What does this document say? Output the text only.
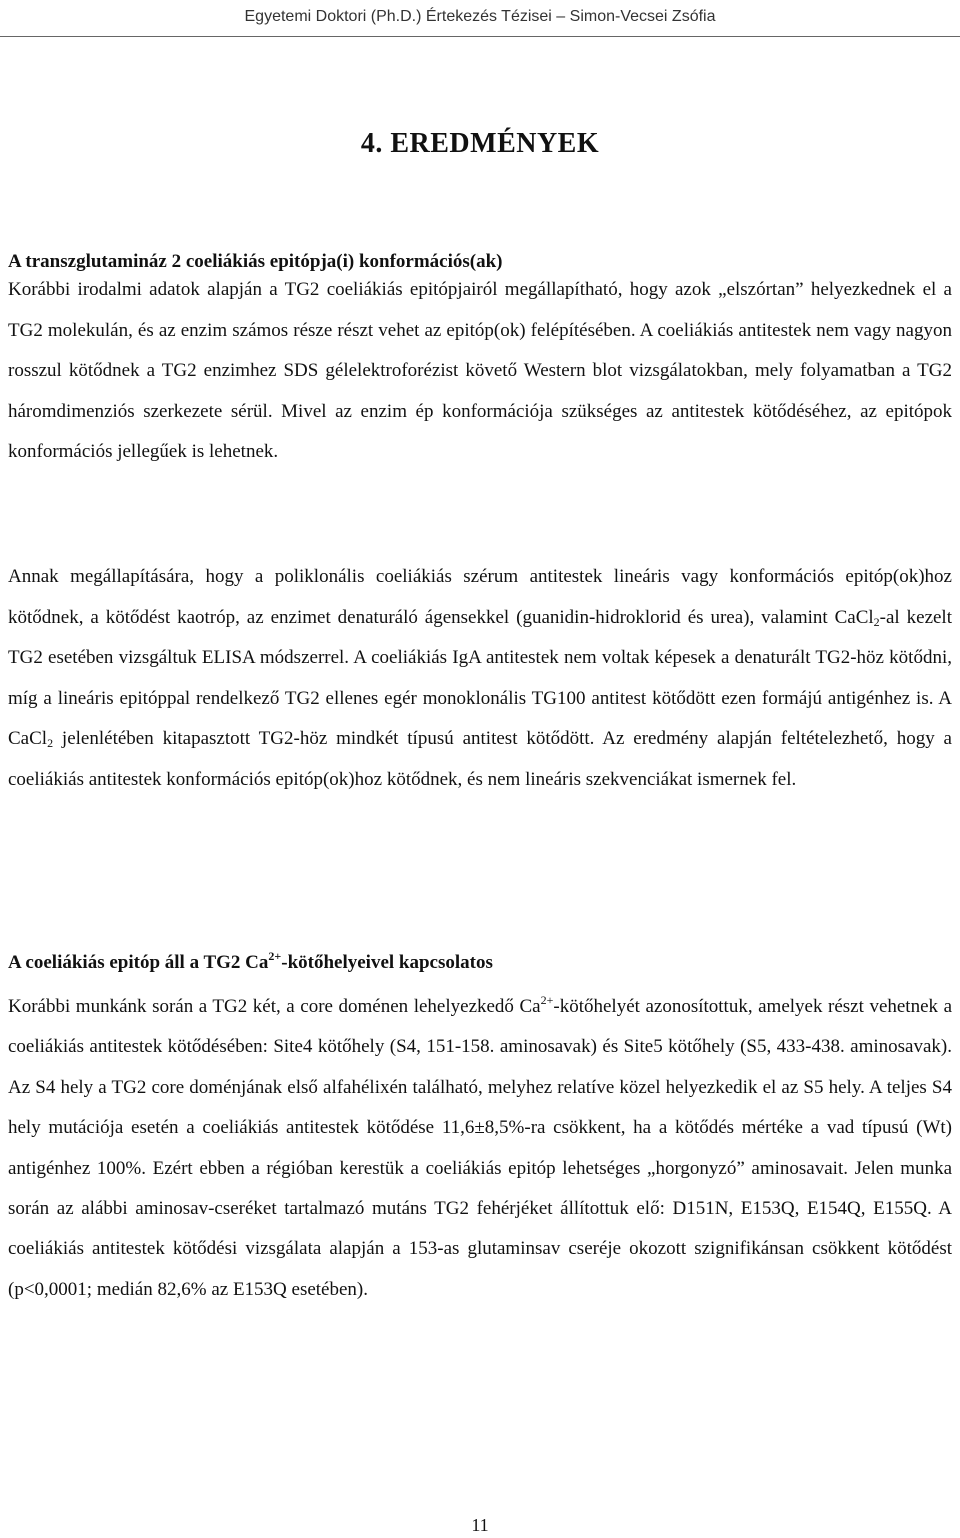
Egyetemi Doktori (Ph.D.) Értekezés Tézisei – Simon-Vecsei Zsófia
4. EREDMÉNYEK
A transzglutamináz 2 coeliákiás epitópja(i) konformációs(ak)

Korábbi irodalmi adatok alapján a TG2 coeliákiás epitópjairól megállapítható, hogy azok „elszórtan” helyezkednek el a TG2 molekulán, és az enzim számos része részt vehet az epitóp(ok) felépítésében. A coeliákiás antitestek nem vagy nagyon rosszul kötődnek a TG2 enzimhez SDS gélelektroforézist követő Western blot vizsgálatokban, mely folyamatban a TG2 háromdimenziós szerkezete sérül. Mivel az enzim ép konformációja szükséges az antitestek kötődéséhez, az epitópok konformációs jellegűek is lehetnek.

Annak megállapítására, hogy a poliklonális coeliákiás szérum antitestek lineáris vagy konformációs epitóp(ok)hoz kötődnek, a kötődést kaotróp, az enzimet denaturáló ágensekkel (guanidin-hidroklorid és urea), valamint CaCl$_2$-al kezelt TG2 esetében vizsgáltuk ELISA módszerrel. A coeliákiás IgA antitestek nem voltak képesek a denaturált TG2-höz kötődni, míg a lineáris epitóppal rendelkező TG2 ellenes egér monoklonális TG100 antitest kötődött ezen formájú antigénhez is. A CaCl$_2$ jelenlétében kitapasztott TG2-höz mindkét típusú antitest kötődött. Az eredmény alapján feltételezhető, hogy a coeliákiás antitestek konformációs epitóp(ok)hoz kötődnek, és nem lineáris szekvenciákat ismernek fel.

A coeliákiás epitóp áll a TG2 $Ca^{2+}$-kötőhelyeivel kapcsolatos

Korábbi munkánk során a TG2 két, a core doménen lehelyezkedő $Ca^{2+}$-kötőhelyét azonosítottuk, amelyek részt vehetnek a coeliákiás antitestek kötődésében: Site4 kötőhely (S4, 151-158. aminosavak) és Site5 kötőhely (S5, 433-438. aminosavak). Az S4 hely a TG2 core doménjának első alfahélixén található, melyhez relatíve közel helyezkedik el az S5 hely. A teljes S4 hely mutációja esetén a coeliákiás antitestek kötődése 11,6±8,5%-ra csökkent, ha a kötődés mértéke a vad típusú (Wt) antigénhez 100%. Ezért ebben a régióban kerestük a coeliákiás epitóp lehetséges „horgonyzó” aminosavait. Jelen munka során az alábbi aminosav-cseréket tartalmazó mutáns TG2 fehérjéket állítottuk elő: D151N, E153Q, E154Q, E155Q. A coeliákiás antitestek kötődési vizsgálata alapján a 153-as glutaminsav cseréje okozott szignifikánsan csökkent kötődést (p<0,0001; medián 82,6% az E153Q esetében).

11
